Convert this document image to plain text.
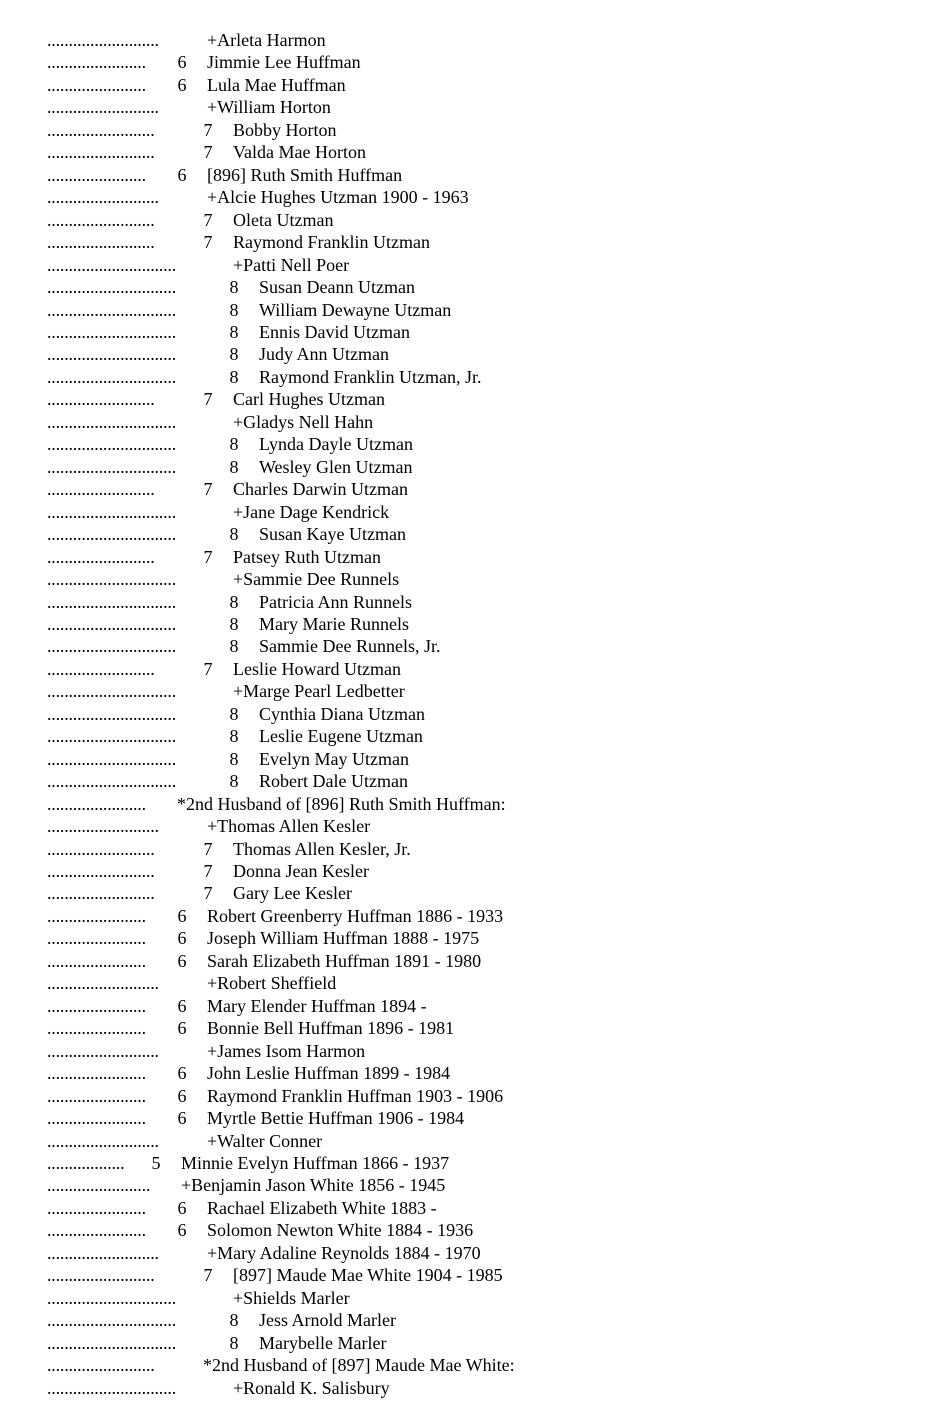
..........................	+Arleta Harmon
....................... 6 Jimmie Lee Huffman
....................... 6 Lula Mae Huffman
..........................	+William Horton
.........................	7 Bobby Horton
.........................	7 Valda Mae Horton
....................... 6 [896] Ruth Smith Huffman
..........................	+Alcie Hughes Utzman 1900 - 1963
.........................	7 Oleta Utzman
.........................	7 Raymond Franklin Utzman
..............................	+Patti Nell Poer
..............................	8 Susan Deann Utzman
..............................	8 William Dewayne Utzman
..............................	8 Ennis David Utzman
..............................	8 Judy Ann Utzman
..............................	8 Raymond Franklin Utzman, Jr.
.........................	7 Carl Hughes Utzman
..............................	+Gladys Nell Hahn
..............................	8 Lynda Dayle Utzman
..............................	8 Wesley Glen Utzman
.........................	7 Charles Darwin Utzman
..............................	+Jane Dage Kendrick
..............................	8 Susan Kaye Utzman
.........................	7 Patsey Ruth Utzman
..............................	+Sammie Dee Runnels
..............................	8 Patricia Ann Runnels
..............................	8 Mary Marie Runnels
..............................	8 Sammie Dee Runnels, Jr.
.........................	7 Leslie Howard Utzman
..............................	+Marge Pearl Ledbetter
..............................	8 Cynthia Diana Utzman
..............................	8 Leslie Eugene Utzman
..............................	8 Evelyn May Utzman
..............................	8 Robert Dale Utzman
....................... *2nd Husband of [896] Ruth Smith Huffman:
..........................	+Thomas Allen Kesler
.........................	7 Thomas Allen Kesler, Jr.
.........................	7 Donna Jean Kesler
.........................	7 Gary Lee Kesler
....................... 6 Robert Greenberry Huffman 1886 - 1933
....................... 6 Joseph William Huffman 1888 - 1975
....................... 6 Sarah Elizabeth Huffman 1891 - 1980
..........................	+Robert Sheffield
....................... 6 Mary Elender Huffman 1894 -
....................... 6 Bonnie Bell Huffman 1896 - 1981
..........................	+James Isom Harmon
....................... 6 John Leslie Huffman 1899 - 1984
....................... 6 Raymond Franklin Huffman 1903 - 1906
....................... 6 Myrtle Bettie Huffman 1906 - 1984
..........................	+Walter Conner
.................. 5 Minnie Evelyn Huffman 1866 - 1937
........................ +Benjamin Jason White 1856 - 1945
....................... 6 Rachael Elizabeth White 1883 -
....................... 6 Solomon Newton White 1884 - 1936
..........................	+Mary Adaline Reynolds 1884 - 1970
.........................	7 [897] Maude Mae White 1904 - 1985
..............................	+Shields Marler
..............................	8 Jess Arnold Marler
..............................	8 Marybelle Marler
.........................	*2nd Husband of [897] Maude Mae White:
..............................	+Ronald K. Salisbury
